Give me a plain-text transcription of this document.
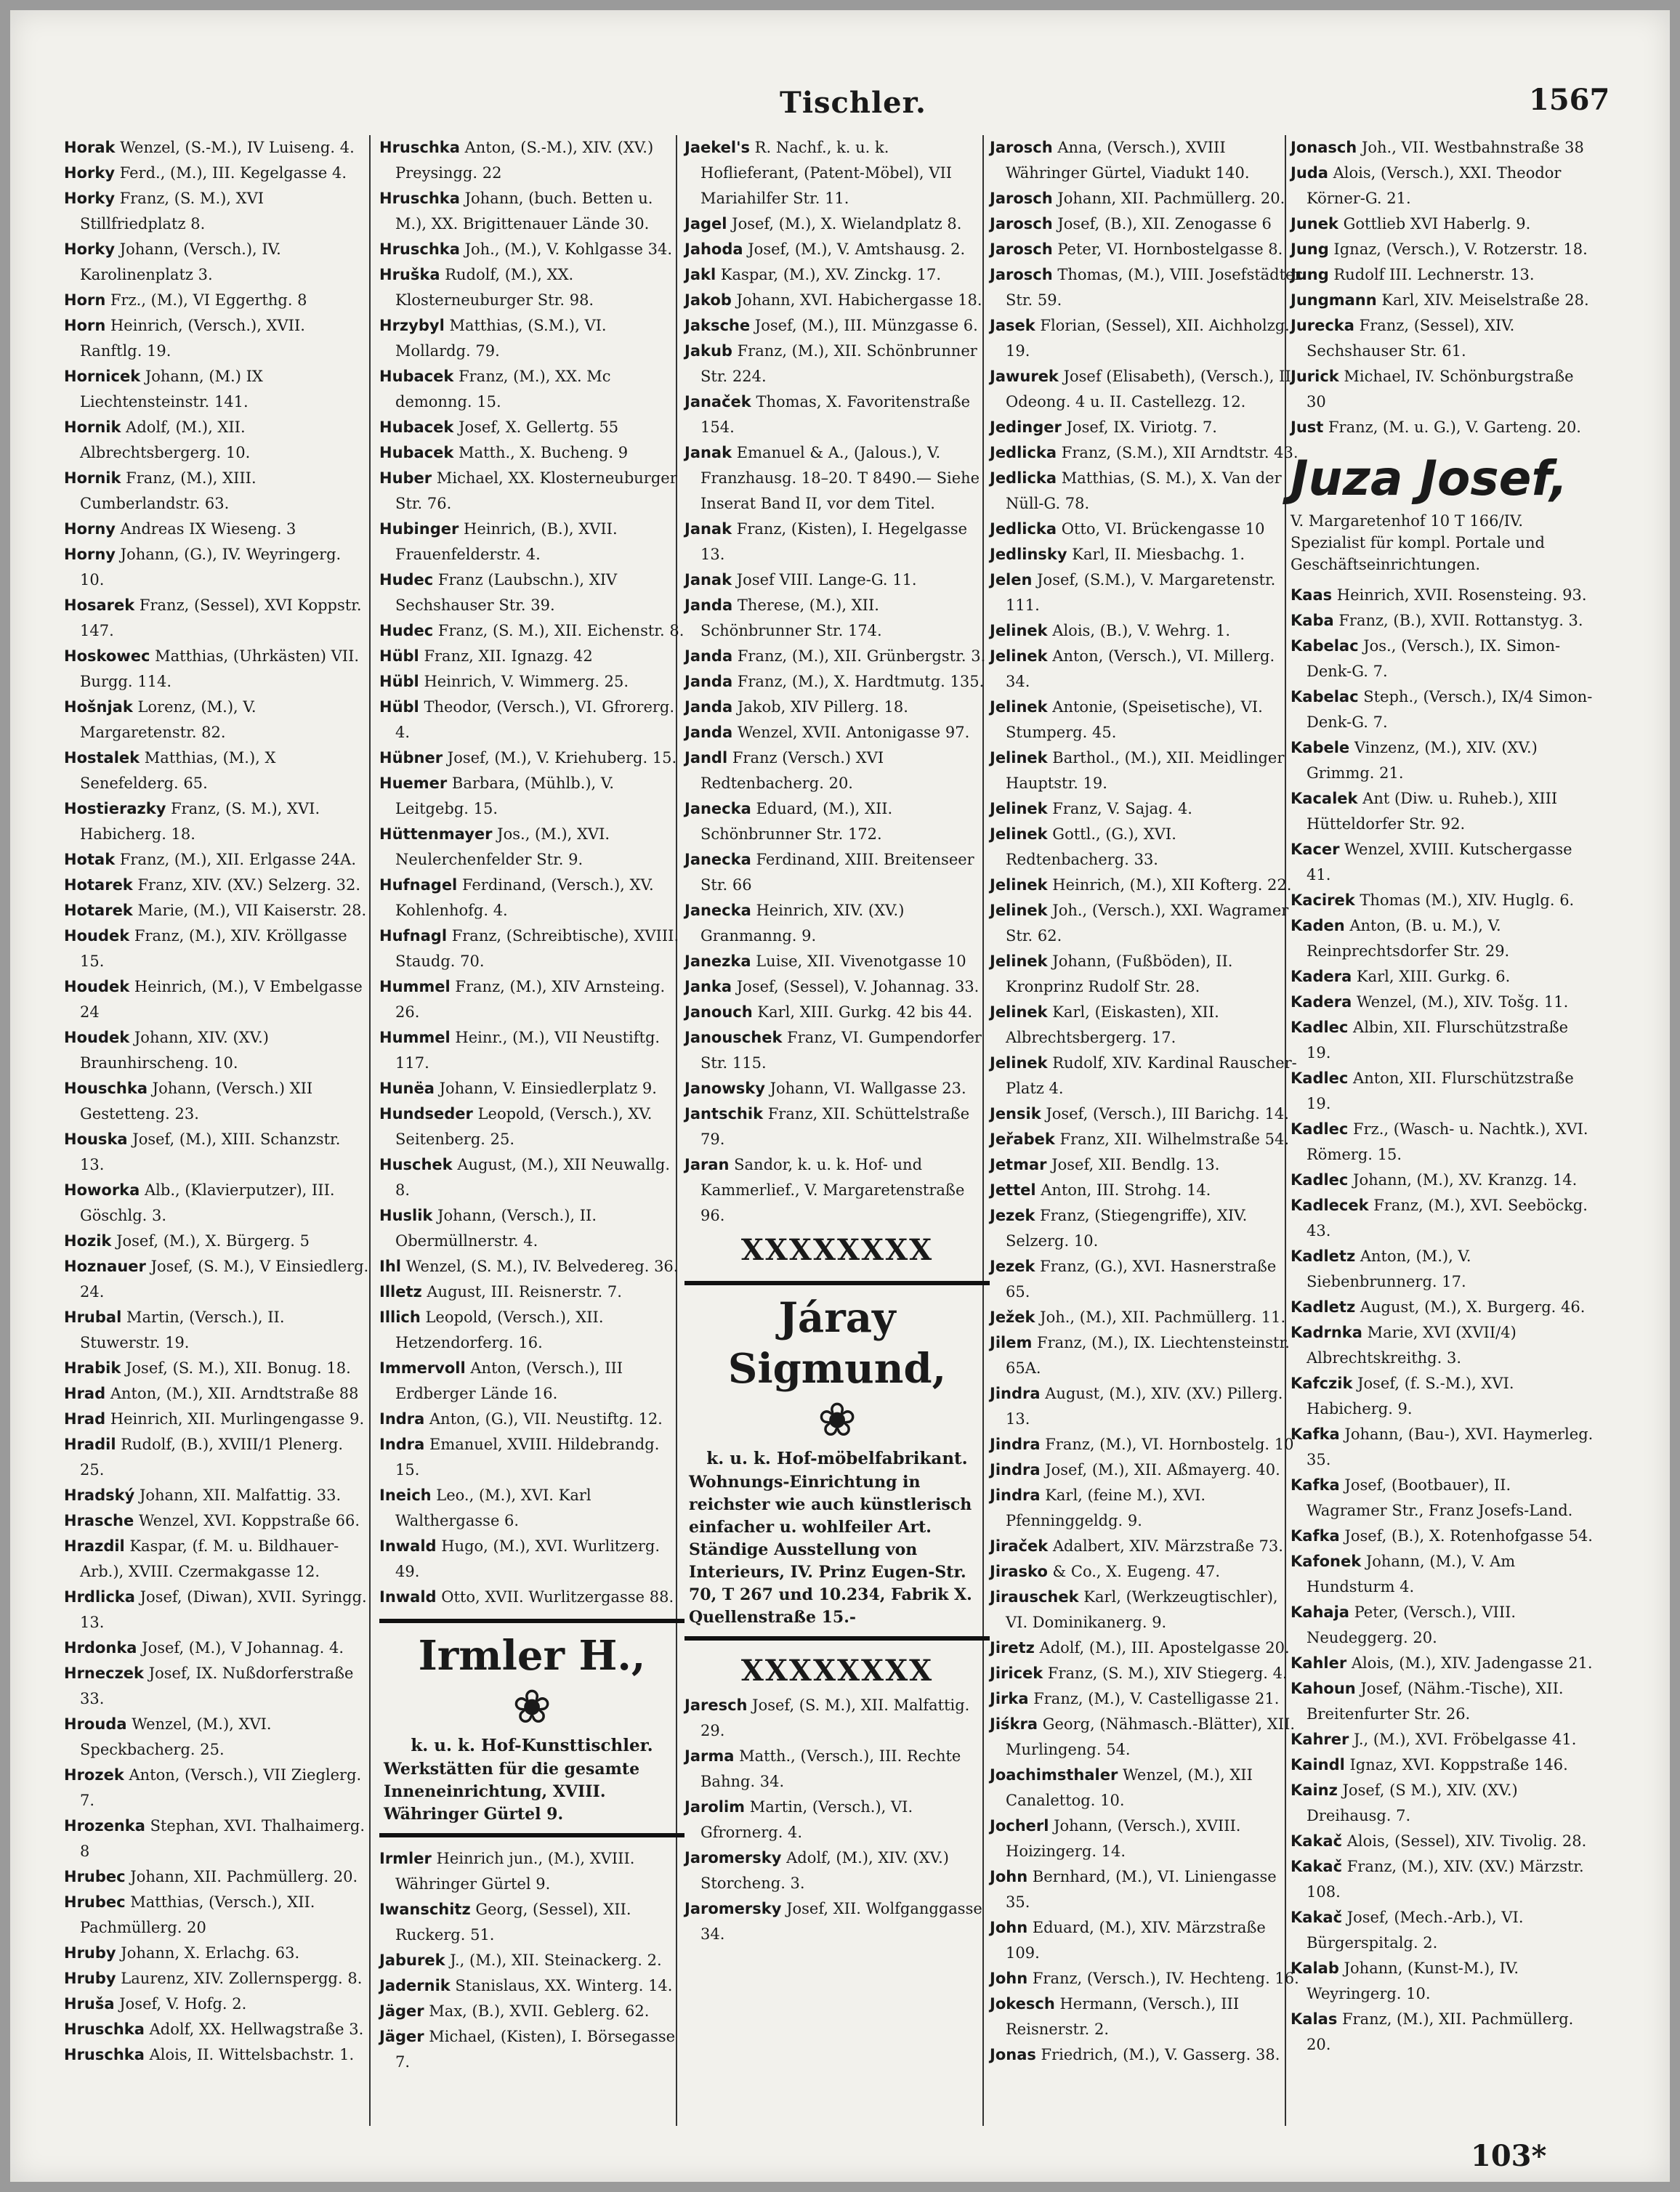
Tischler.	1567

Horak Wenzel, (S.-M.), IV Luiseng. 4.

Horky Ferd., (M.), III. Kegelgasse 4.

Horky Franz, (S. M.), XVI Stillfriedplatz 8.

Horky Johann, (Versch.), IV. Karolinenplatz 3.

Horn Frz., (M.), VI Eggerthg. 8

Horn Heinrich, (Versch.), XVII. Ranftlg. 19.

Hornicek Johann, (M.) IX Liechtensteinstr. 141.

Hornik Adolf, (M.), XII. Albrechtsbergerg. 10.

Hornik Franz, (M.), XIII. Cumberlandstr. 63.

Horny Andreas IX Wieseng. 3

Horny Johann, (G.), IV. Weyringerg. 10.

Hosarek Franz, (Sessel), XVI Koppstr. 147.

Hoskowec Matthias, (Uhrkästen) VII. Burgg. 114.

Hošnjak Lorenz, (M.), V. Margaretenstr. 82.

Hostalek Matthias, (M.), X Senefelderg. 65.

Hostierazky Franz, (S. M.), XVI. Habicherg. 18.

Hotak Franz, (M.), XII. Erlgasse 24A.

Hotarek Franz, XIV. (XV.) Selzerg. 32.

Hotarek Marie, (M.), VII Kaiserstr. 28.

Houdek Franz, (M.), XIV. Kröllgasse 15.

Houdek Heinrich, (M.), V Embelgasse 24

Houdek Johann, XIV. (XV.) Braunhirscheng. 10.

Houschka Johann, (Versch.) XII Gestetteng. 23.

Houska Josef, (M.), XIII. Schanzstr. 13.

Howorka Alb., (Klavierputzer), III. Göschlg. 3.

Hozik Josef, (M.), X. Bürgerg. 5

Hoznauer Josef, (S. M.), V Einsiedlerg. 24.

Hrubal Martin, (Versch.), II. Stuwerstr. 19.

Hrabik Josef, (S. M.), XII. Bonug. 18.

Hrad Anton, (M.), XII. Arndtstraße 88

Hrad Heinrich, XII. Murlingengasse 9.

Hradil Rudolf, (B.), XVIII/1 Plenerg. 25.

Hradský Johann, XII. Malfattig. 33.

Hrasche Wenzel, XVI. Koppstraße 66.

Hrazdil Kaspar, (f. M. u. Bildhauer-Arb.), XVIII. Czermakgasse 12.

Hrdlicka Josef, (Diwan), XVII. Syringg. 13.

Hrdonka Josef, (M.), V Johannag. 4.

Hrneczek Josef, IX. Nußdorferstraße 33.

Hrouda Wenzel, (M.), XVI. Speckbacherg. 25.

Hrozek Anton, (Versch.), VII Zieglerg. 7.

Hrozenka Stephan, XVI. Thalhaimerg. 8

Hrubec Johann, XII. Pachmüllerg. 20.

Hrubec Matthias, (Versch.), XII. Pachmüllerg. 20

Hruby Johann, X. Erlachg. 63.

Hruby Laurenz, XIV. Zollernspergg. 8.

Hruša Josef, V. Hofg. 2.

Hruschka Adolf, XX. Hellwagstraße 3.

Hruschka Alois, II. Wittelsbachstr. 1.

Hruschka Anton, (S.-M.), XIV. (XV.) Preysingg. 22

Hruschka Johann, (buch. Betten u. M.), XX. Brigittenauer Lände 30.

Hruschka Joh., (M.), V. Kohlgasse 34.

Hruška Rudolf, (M.), XX. Klosterneuburger Str. 98.

Hrzybyl Matthias, (S.M.), VI. Mollardg. 79.

Hubacek Franz, (M.), XX. Mc demonng. 15.

Hubacek Josef, X. Gellertg. 55

Hubacek Matth., X. Bucheng. 9

Huber Michael, XX. Klosterneuburger Str. 76.

Hubinger Heinrich, (B.), XVII. Frauenfelderstr. 4.

Hudec Franz (Laubschn.), XIV Sechshauser Str. 39.

Hudec Franz, (S. M.), XII. Eichenstr. 8.

Hübl Franz, XII. Ignazg. 42

Hübl Heinrich, V. Wimmerg. 25.

Hübl Theodor, (Versch.), VI. Gfrorerg. 4.

Hübner Josef, (M.), V. Kriehuberg. 15.

Huemer Barbara, (Mühlb.), V. Leitgebg. 15.

Hüttenmayer Jos., (M.), XVI. Neulerchenfelder Str. 9.

Hufnagel Ferdinand, (Versch.), XV. Kohlenhofg. 4.

Hufnagl Franz, (Schreibtische), XVIII. Staudg. 70.

Hummel Franz, (M.), XIV Arnsteing. 26.

Hummel Heinr., (M.), VII Neustiftg. 117.

Hunëa Johann, V. Einsiedlerplatz 9.

Hundseder Leopold, (Versch.), XV. Seitenberg. 25.

Huschek August, (M.), XII Neuwallg. 8.

Huslik Johann, (Versch.), II. Obermüllnerstr. 4.

Ihl Wenzel, (S. M.), IV. Belvedereg. 36.

Illetz August, III. Reisnerstr. 7.

Illich Leopold, (Versch.), XII. Hetzendorferg. 16.

Immervoll Anton, (Versch.), III Erdberger Lände 16.

Indra Anton, (G.), VII. Neustiftg. 12.

Indra Emanuel, XVIII. Hildebrandg. 15.

Ineich Leo., (M.), XVI. Karl Walthergasse 6.

Inwald Hugo, (M.), XVI. Wurlitzerg. 49.

Inwald Otto, XVII. Wurlitzergasse 88.

Irmler H.,
❀
k. u. k. Hof-Kunsttischler.
Werkstätten für die gesamte Inneneinrichtung, XVIII. Währinger Gürtel 9.

Irmler Heinrich jun., (M.), XVIII. Währinger Gürtel 9.

Iwanschitz Georg, (Sessel), XII. Ruckerg. 51.

Jaburek J., (M.), XII. Steinackerg. 2.

Jadernik Stanislaus, XX. Winterg. 14.

Jäger Max, (B.), XVII. Geblerg. 62.

Jäger Michael, (Kisten), I. Börsegasse 7.

Jaekel's R. Nachf., k. u. k. Hoflieferant, (Patent-Möbel), VII Mariahilfer Str. 11.

Jagel Josef, (M.), X. Wielandplatz 8.

Jahoda Josef, (M.), V. Amtshausg. 2.

Jakl Kaspar, (M.), XV. Zinckg. 17.

Jakob Johann, XVI. Habichergasse 18.

Jaksche Josef, (M.), III. Münzgasse 6.

Jakub Franz, (M.), XII. Schönbrunner Str. 224.

Janaček Thomas, X. Favoritenstraße 154.

Janak Emanuel & A., (Jalous.), V. Franzhausg. 18–20. T 8490.— Siehe Inserat Band II, vor dem Titel.

Janak Franz, (Kisten), I. Hegelgasse 13.

Janak Josef VIII. Lange-G. 11.

Janda Therese, (M.), XII. Schönbrunner Str. 174.

Janda Franz, (M.), XII. Grünbergstr. 3.

Janda Franz, (M.), X. Hardtmutg. 135.

Janda Jakob, XIV Pillerg. 18.

Janda Wenzel, XVII. Antonigasse 97.

Jandl Franz (Versch.) XVI Redtenbacherg. 20.

Janecka Eduard, (M.), XII. Schönbrunner Str. 172.

Janecka Ferdinand, XIII. Breitenseer Str. 66

Janecka Heinrich, XIV. (XV.) Granmanng. 9.

Janezka Luise, XII. Vivenotgasse 10

Janka Josef, (Sessel), V. Johannag. 33.

Janouch Karl, XIII. Gurkg. 42 bis 44.

Janouschek Franz, VI. Gumpendorfer Str. 115.

Janowsky Johann, VI. Wallgasse 23.

Jantschik Franz, XII. Schüttelstraße 79.

Jaran Sandor, k. u. k. Hof- und Kammerlief., V. Margaretenstraße 96.

XXXXXXXX
Járay
Sigmund,
❀
k. u. k. Hof-möbelfabrikant.
Wohnungs-Einrichtung in reichster wie auch künstlerisch einfacher u. wohlfeiler Art. Ständige Ausstellung von Interieurs, IV. Prinz Eugen-Str. 70, T 267 und 10.234, Fabrik X. Quellenstraße 15.-
XXXXXXXX

Jaresch Josef, (S. M.), XII. Malfattig. 29.

Jarma Matth., (Versch.), III. Rechte Bahng. 34.

Jarolim Martin, (Versch.), VI. Gfrornerg. 4.

Jaromersky Adolf, (M.), XIV. (XV.) Storcheng. 3.

Jaromersky Josef, XII. Wolfganggasse 34.

Jarosch Anna, (Versch.), XVIII Währinger Gürtel, Viadukt 140.

Jarosch Johann, XII. Pachmüllerg. 20.

Jarosch Josef, (B.), XII. Zenogasse 6

Jarosch Peter, VI. Hornbostelgasse 8.

Jarosch Thomas, (M.), VIII. Josefstädter Str. 59.

Jasek Florian, (Sessel), XII. Aichholzg. 19.

Jawurek Josef (Elisabeth), (Versch.), II. Odeong. 4 u. II. Castellezg. 12.

Jedinger Josef, IX. Viriotg. 7.

Jedlicka Franz, (S.M.), XII Arndtstr. 43.

Jedlicka Matthias, (S. M.), X. Van der Nüll-G. 78.

Jedlicka Otto, VI. Brückengasse 10

Jedlinsky Karl, II. Miesbachg. 1.

Jelen Josef, (S.M.), V. Margaretenstr. 111.

Jelinek Alois, (B.), V. Wehrg. 1.

Jelinek Anton, (Versch.), VI. Millerg. 34.

Jelinek Antonie, (Speisetische), VI. Stumperg. 45.

Jelinek Barthol., (M.), XII. Meidlinger Hauptstr. 19.

Jelinek Franz, V. Sajag. 4.

Jelinek Gottl., (G.), XVI. Redtenbacherg. 33.

Jelinek Heinrich, (M.), XII Kofterg. 22.

Jelinek Joh., (Versch.), XXI. Wagramer Str. 62.

Jelinek Johann, (Fußböden), II. Kronprinz Rudolf Str. 28.

Jelinek Karl, (Eiskasten), XII. Albrechtsbergerg. 17.

Jelinek Rudolf, XIV. Kardinal Rauscher-Platz 4.

Jensik Josef, (Versch.), III Barichg. 14.

Jeřabek Franz, XII. Wilhelmstraße 54.

Jetmar Josef, XII. Bendlg. 13.

Jettel Anton, III. Strohg. 14.

Jezek Franz, (Stiegengriffe), XIV. Selzerg. 10.

Jezek Franz, (G.), XVI. Hasnerstraße 65.

Ježek Joh., (M.), XII. Pachmüllerg. 11.

Jilem Franz, (M.), IX. Liechtensteinstr. 65A.

Jindra August, (M.), XIV. (XV.) Pillerg. 13.

Jindra Franz, (M.), VI. Hornbostelg. 10

Jindra Josef, (M.), XII. Aßmayerg. 40.

Jindra Karl, (feine M.), XVI. Pfenninggeldg. 9.

Jiraček Adalbert, XIV. Märzstraße 73.

Jirasko & Co., X. Eugeng. 47.

Jirauschek Karl, (Werkzeugtischler), VI. Dominikanerg. 9.

Jiretz Adolf, (M.), III. Apostelgasse 20.

Jiricek Franz, (S. M.), XIV Stiegerg. 4.

Jirka Franz, (M.), V. Castelligasse 21.

Jiśkra Georg, (Nähmasch.-Blätter), XII. Murlingeng. 54.

Joachimsthaler Wenzel, (M.), XII Canalettog. 10.

Jocherl Johann, (Versch.), XVIII. Hoizingerg. 14.

John Bernhard, (M.), VI. Liniengasse 35.

John Eduard, (M.), XIV. Märzstraße 109.

John Franz, (Versch.), IV. Hechteng. 16.

Jokesch Hermann, (Versch.), III Reisnerstr. 2.

Jonas Friedrich, (M.), V. Gasserg. 38.

Jonasch Joh., VII. Westbahnstraße 38

Juda Alois, (Versch.), XXI. Theodor Körner-G. 21.

Junek Gottlieb XVI Haberlg. 9.

Jung Ignaz, (Versch.), V. Rotzerstr. 18.

Jung Rudolf III. Lechnerstr. 13.

Jungmann Karl, XIV. Meiselstraße 28.

Jurecka Franz, (Sessel), XIV. Sechshauser Str. 61.

Jurick Michael, IV. Schönburgstraße 30

Just Franz, (M. u. G.), V. Garteng. 20.

Juza Josef,
V. Margaretenhof 10 T 166/IV. Spezialist für kompl. Portale und Geschäftseinrichtungen.

Kaas Heinrich, XVII. Rosensteing. 93.

Kaba Franz, (B.), XVII. Rottanstyg. 3.

Kabelac Jos., (Versch.), IX. Simon-Denk-G. 7.

Kabelac Steph., (Versch.), IX/4 Simon-Denk-G. 7.

Kabele Vinzenz, (M.), XIV. (XV.) Grimmg. 21.

Kacalek Ant (Diw. u. Ruheb.), XIII Hütteldorfer Str. 92.

Kacer Wenzel, XVIII. Kutschergasse 41.

Kacirek Thomas (M.), XIV. Huglg. 6.

Kaden Anton, (B. u. M.), V. Reinprechtsdorfer Str. 29.

Kadera Karl, XIII. Gurkg. 6.

Kadera Wenzel, (M.), XIV. Tošg. 11.

Kadlec Albin, XII. Flurschützstraße 19.

Kadlec Anton, XII. Flurschützstraße 19.

Kadlec Frz., (Wasch- u. Nachtk.), XVI. Römerg. 15.

Kadlec Johann, (M.), XV. Kranzg. 14.

Kadlecek Franz, (M.), XVI. Seeböckg. 43.

Kadletz Anton, (M.), V. Siebenbrunnerg. 17.

Kadletz August, (M.), X. Burgerg. 46.

Kadrnka Marie, XVI (XVII/4) Albrechtskreithg. 3.

Kafczik Josef, (f. S.-M.), XVI. Habicherg. 9.

Kafka Johann, (Bau-), XVI. Haymerleg. 35.

Kafka Josef, (Bootbauer), II. Wagramer Str., Franz Josefs-Land.

Kafka Josef, (B.), X. Rotenhofgasse 54.

Kafonek Johann, (M.), V. Am Hundsturm 4.

Kahaja Peter, (Versch.), VIII. Neudeggerg. 20.

Kahler Alois, (M.), XIV. Jadengasse 21.

Kahoun Josef, (Nähm.-Tische), XII. Breitenfurter Str. 26.

Kahrer J., (M.), XVI. Fröbelgasse 41.

Kaindl Ignaz, XVI. Koppstraße 146.

Kainz Josef, (S M.), XIV. (XV.) Dreihausg. 7.

Kakač Alois, (Sessel), XIV. Tivolig. 28.

Kakač Franz, (M.), XIV. (XV.) Märzstr. 108.

Kakač Josef, (Mech.-Arb.), VI. Bürgerspitalg. 2.

Kalab Johann, (Kunst-M.), IV. Weyringerg. 10.

Kalas Franz, (M.), XII. Pachmüllerg. 20.

103*
